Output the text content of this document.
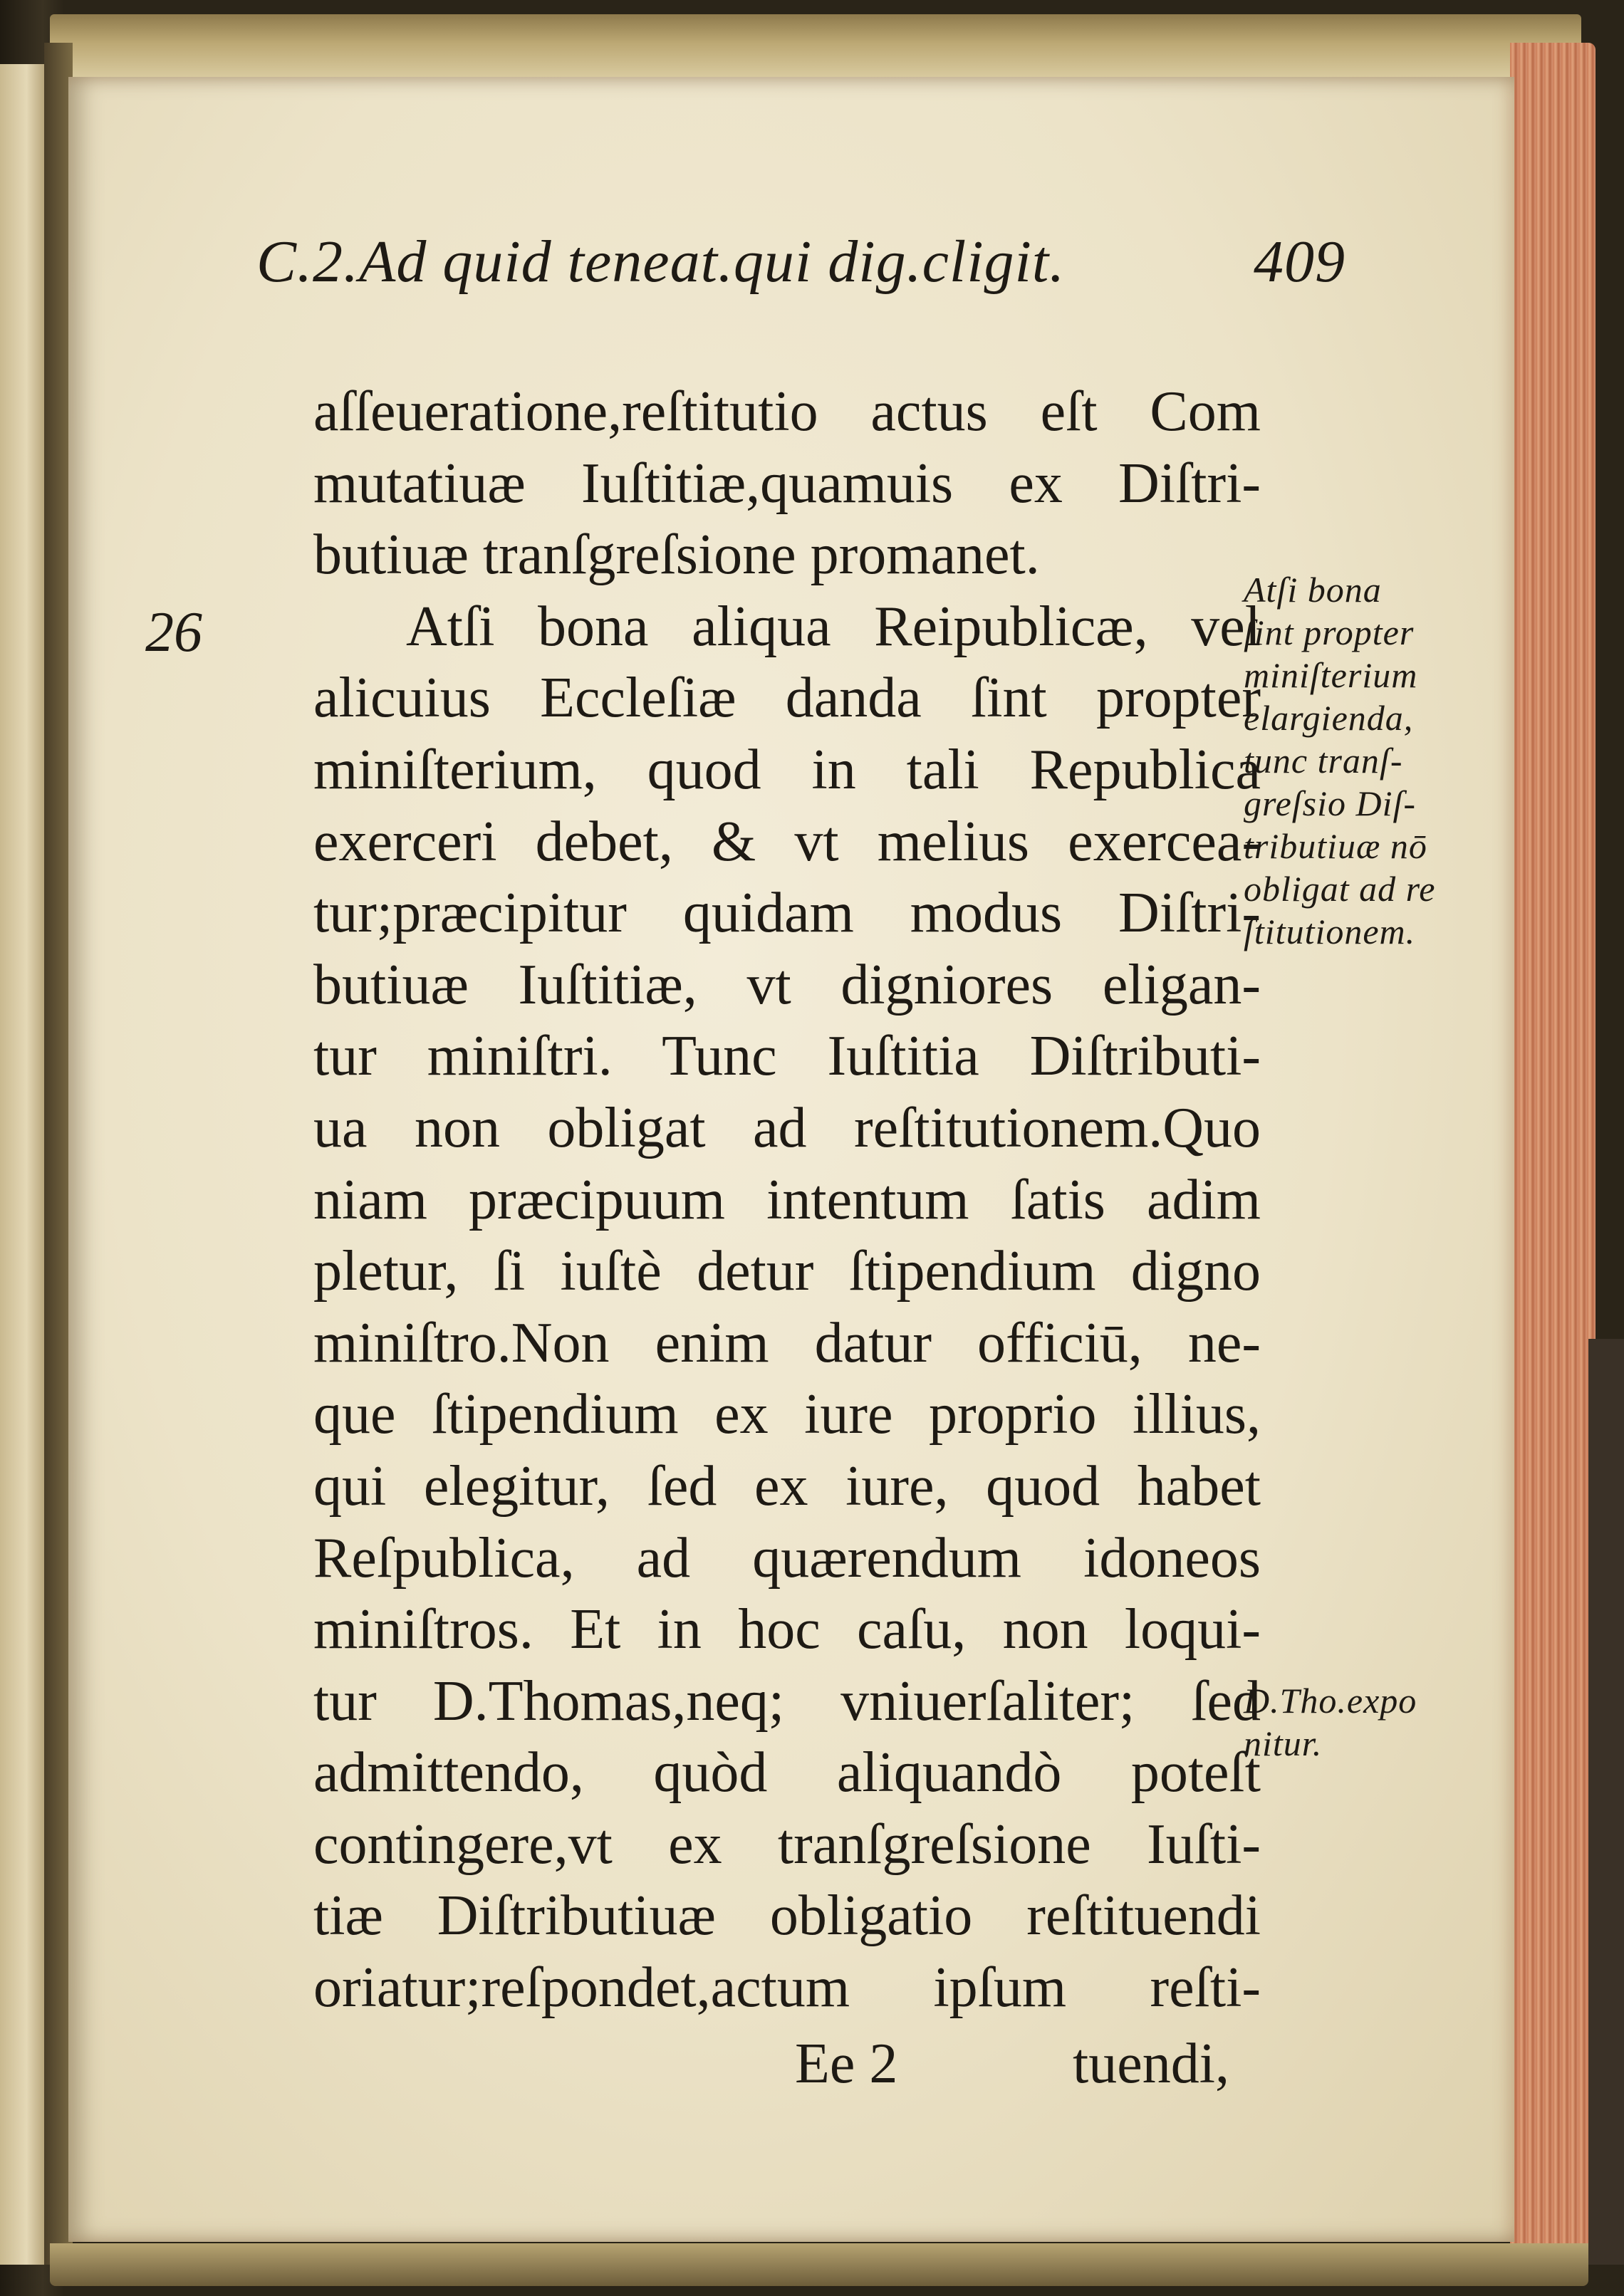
C.2.Ad quid teneat.qui dig.cligit.	409
26
aſſeueratione,reſtitutio actus eſt Com
mutatiuæ Iuſtitiæ,quamuis ex Diſtri-
butiuæ tranſgreſsione promanet.
Atſi bona aliqua Reipublicæ, vel
alicuius Eccleſiæ danda ſint propter
miniſterium, quod in tali Republica
exerceri debet, & vt melius exercea-
tur;præcipitur quidam modus Diſtri-
butiuæ Iuſtitiæ, vt digniores eligan-
tur miniſtri. Tunc Iuſtitia Diſtributi-
ua non obligat ad reſtitutionem.Quo
niam præcipuum intentum ſatis adim
pletur, ſi iuſtè detur ſtipendium digno
miniſtro.Non enim datur officiū, ne-
que ſtipendium ex iure proprio illius,
qui elegitur, ſed ex iure, quod habet
Reſpublica, ad quærendum idoneos
miniſtros. Et in hoc caſu, non loqui-
tur D.Thomas,neq; vniuerſaliter; ſed
admittendo, quòd aliquandò poteſt
contingere,vt ex tranſgreſsione Iuſti-
tiæ Diſtributiuæ obligatio reſtituendi
oriatur;reſpondet,actum ipſum reſti-
Ee 2	tuendi,
Atſi bona
ſint propter
miniſterium
elargienda,
tunc tranſ-
greſsio Diſ-
tributiuæ nō
obligat ad re
ſtitutionem.
D.Tho.expo
nitur.
